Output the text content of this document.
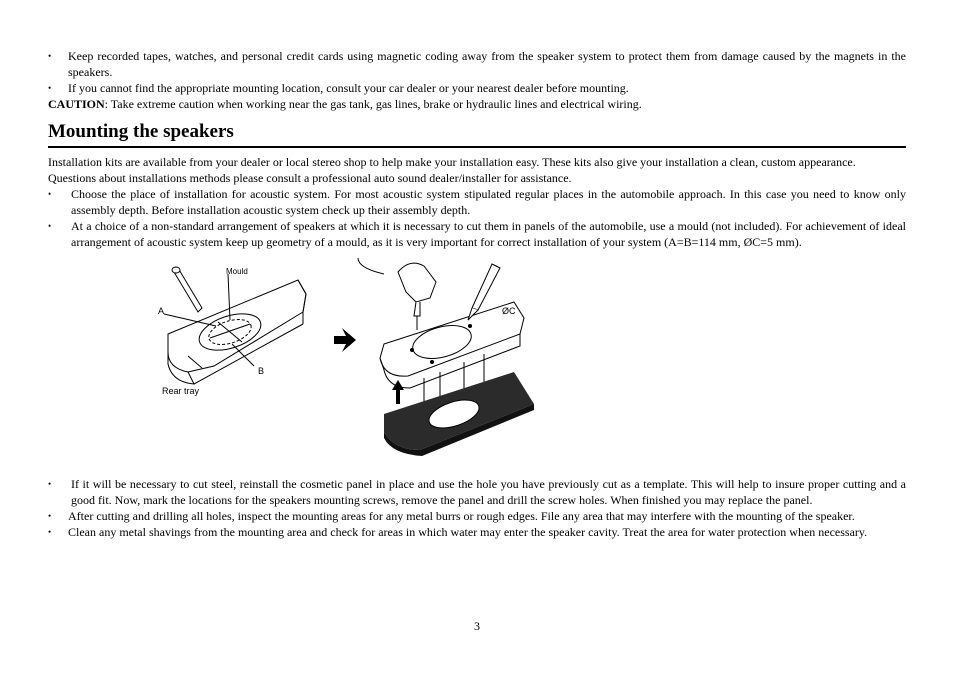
•	Keep recorded tapes, watches, and personal credit cards using magnetic coding away from the speaker system to protect them from damage caused by the magnets in the speakers.
•	If you cannot find the appropriate mounting location, consult your car dealer or your nearest dealer before mounting.
CAUTION: Take extreme caution when working near the gas tank, gas lines, brake or hydraulic lines and electrical wiring.
Mounting the speakers
Installation kits are available from your dealer or local stereo shop to help make your installation easy. These kits also give your installation a clean, custom appearance. Questions about installations methods please consult a professional auto sound dealer/installer for assistance.
•	Choose the place of installation for acoustic system. For most acoustic system stipulated regular places in the automobile approach. In this case you need to know only assembly depth. Before installation acoustic system check up their assembly depth.
•	At a choice of a non-standard arrangement of speakers at which it is necessary to cut them in panels of the automobile, use a mould (not included). For achievement of ideal arrangement of acoustic system keep up geometry of a mould, as it is very important for correct installation of your system (A=B=114 mm, ØC=5 mm).
Mould
A
B
Rear tray
ØC
•	If it will be necessary to cut steel, reinstall the cosmetic panel in place and use the hole you have previously cut as a template. This will help to insure proper cutting and a good fit. Now, mark the locations for the speakers mounting screws, remove the panel and drill the screw holes. When finished you may replace the panel.
•	After cutting and drilling all holes, inspect the mounting areas for any metal burrs or rough edges. File any area that may interfere with the mounting of the speaker.
•	Clean any metal shavings from the mounting area and check for areas in which water may enter the speaker cavity. Treat the area for water protection when necessary.
3
